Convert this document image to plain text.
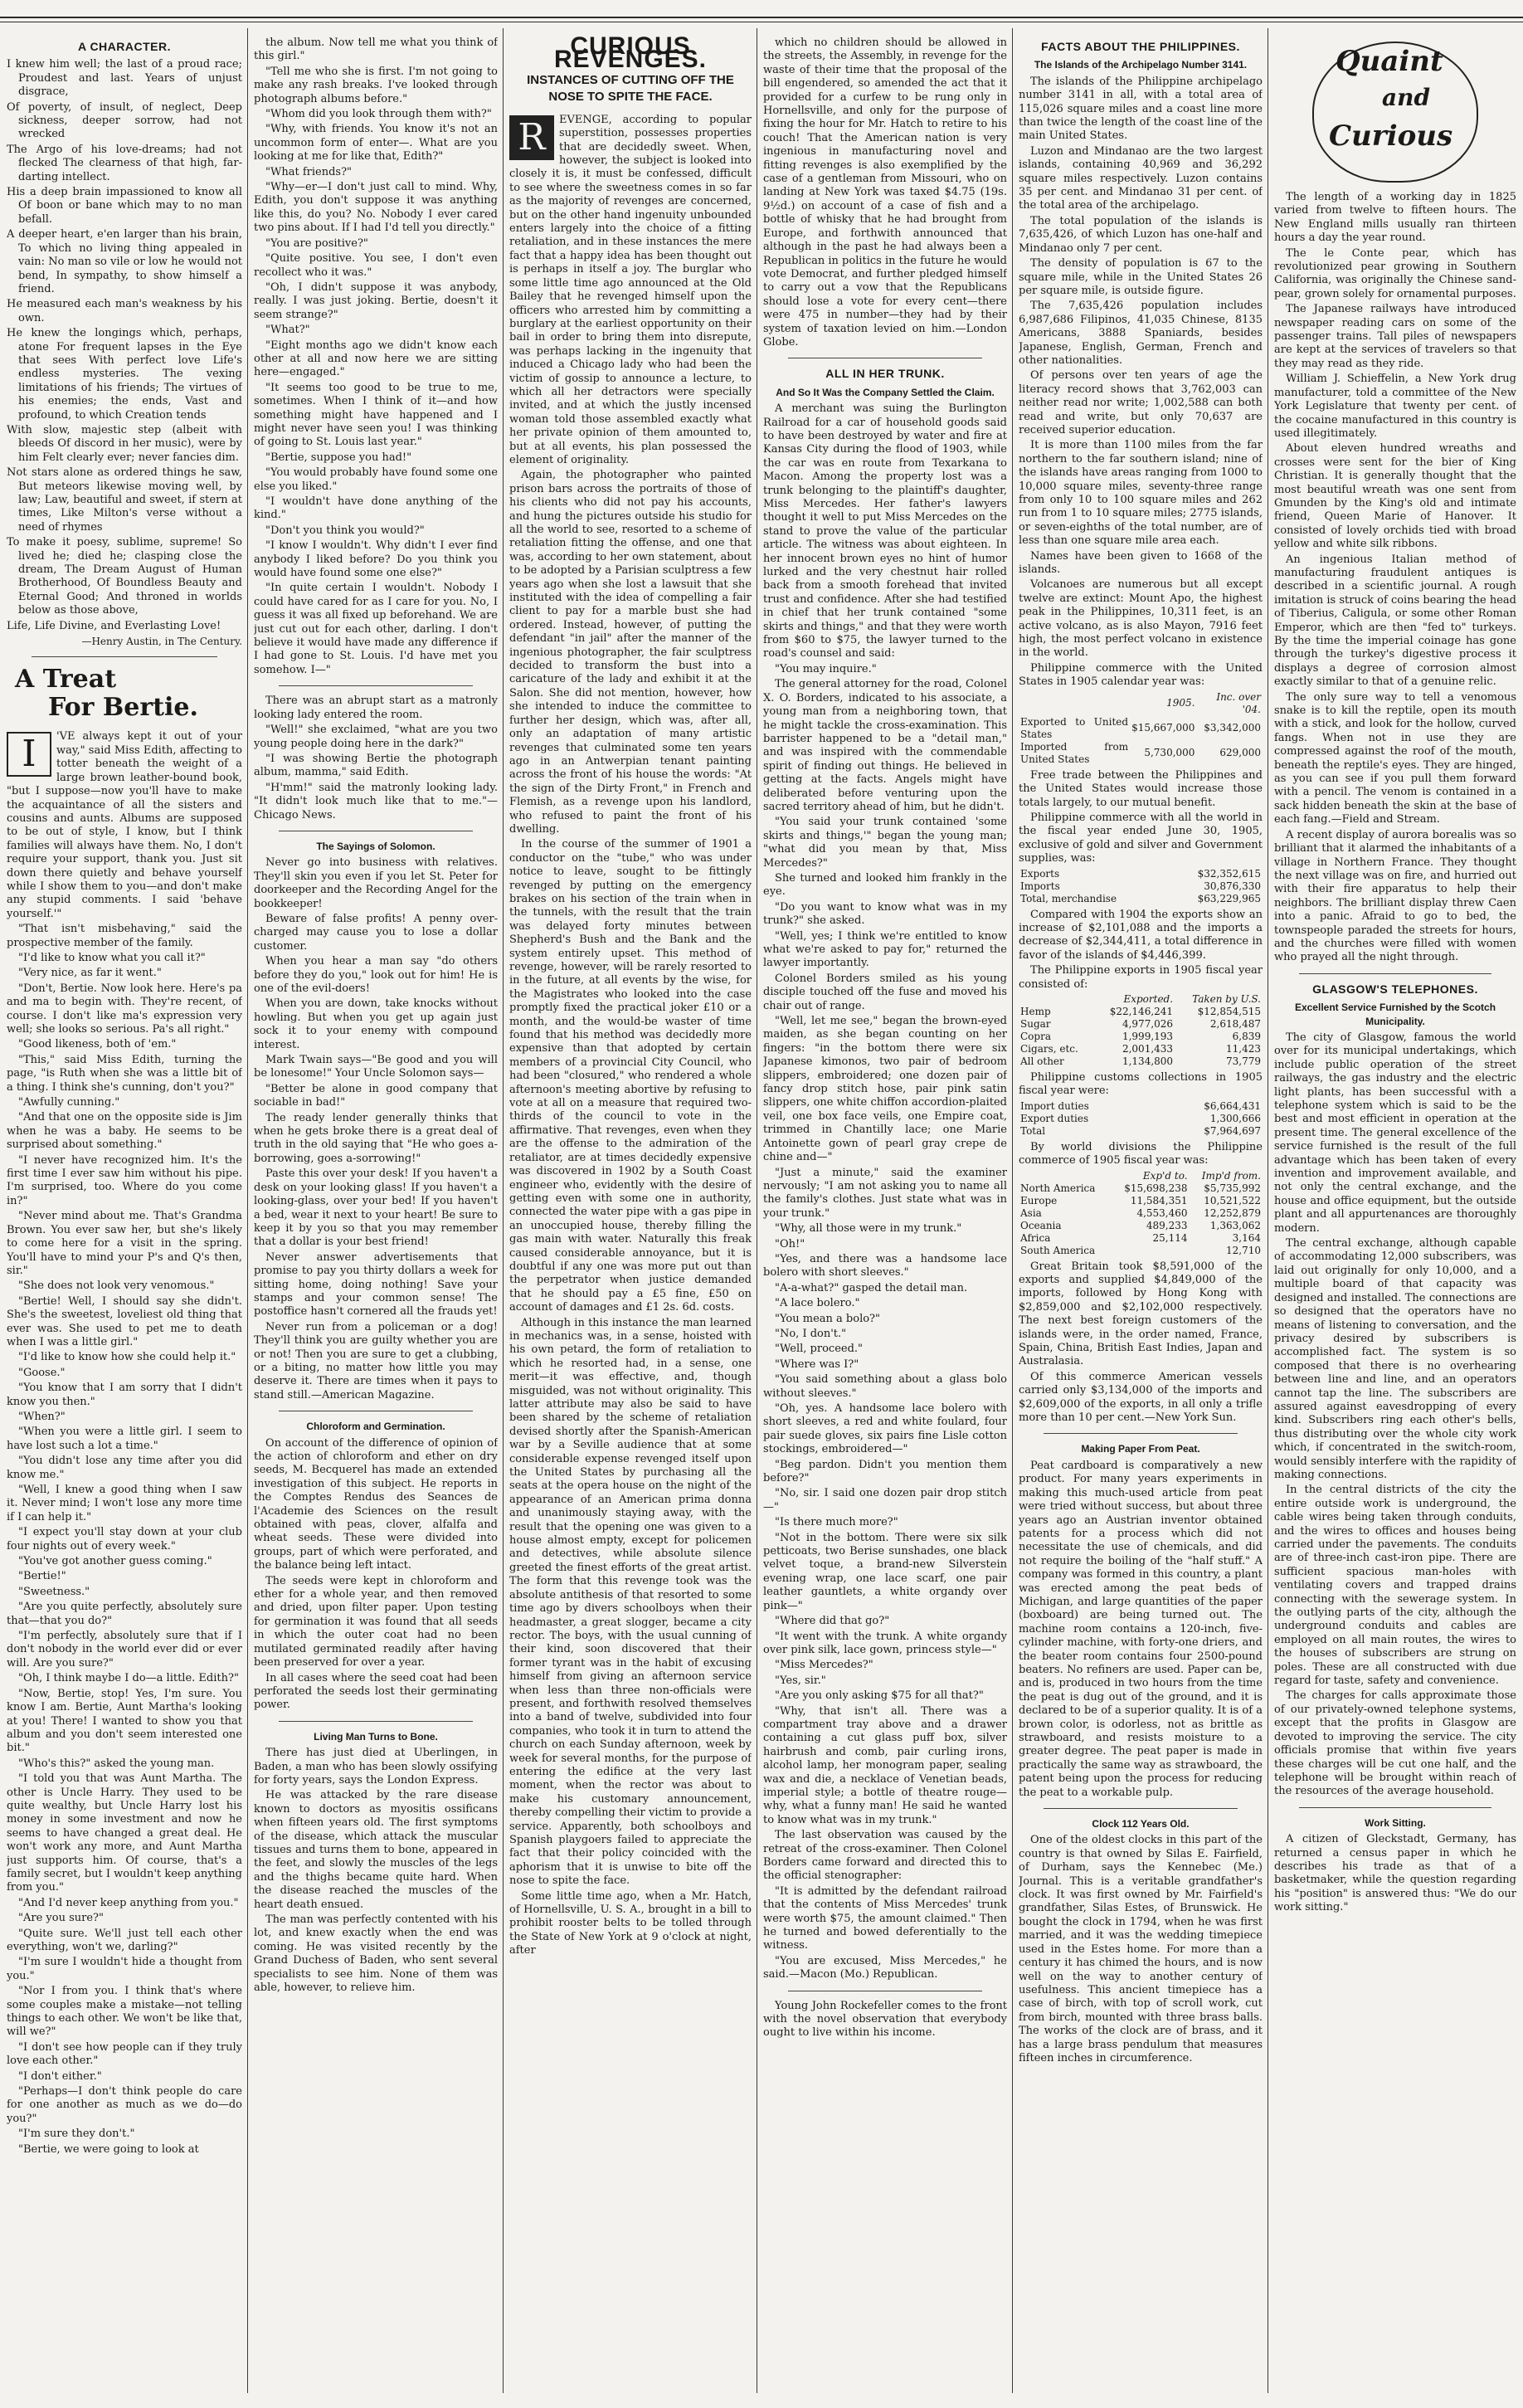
A CHARACTER.

I knew him well; the last of a proud race; Proudest and last. Years of unjust disgrace,

Of poverty, of insult, of neglect, Deep sickness, deeper sorrow, had not wrecked

The Argo of his love-dreams; had not flecked The clearness of that high, far-darting intellect.

His a deep brain impassioned to know all Of boon or bane which may to no man befall.

A deeper heart, e'en larger than his brain, To which no living thing appealed in vain: No man so vile or low he would not bend, In sympathy, to show himself a friend.

He measured each man's weakness by his own.

He knew the longings which, perhaps, atone For frequent lapses in the Eye that sees With perfect love Life's endless mysteries. The vexing limitations of his friends; The virtues of his enemies; the ends, Vast and profound, to which Creation tends

With slow, majestic step (albeit with bleeds Of discord in her music), were by him Felt clearly ever; never fancies dim.

Not stars alone as ordered things he saw, But meteors likewise moving well, by law; Law, beautiful and sweet, if stern at times, Like Milton's verse without a need of rhymes

To make it poesy, sublime, supreme! So lived he; died he; clasping close the dream, The Dream August of Human Brotherhood, Of Boundless Beauty and Eternal Good; And throned in worlds below as those above,

Life, Life Divine, and Everlasting Love!

—Henry Austin, in The Century.
A Treat
For Bertie.
I	'VE always kept it out of your way," said Miss Edith, affecting to totter beneath the weight of a large brown leather-bound book, "but I suppose—now you'll have to make the acquaintance of all the sisters and cousins and aunts. Albums are supposed to be out of style, I know, but I think families will always have them. No, I don't require your support, thank you. Just sit down there quietly and behave yourself while I show them to you—and don't make any stupid comments. I said 'behave yourself.'"

"That isn't misbehaving," said the prospective member of the family.

"I'd like to know what you call it?"

"Very nice, as far it went."

"Don't, Bertie. Now look here. Here's pa and ma to begin with. They're recent, of course. I don't like ma's expression very well; she looks so serious. Pa's all right."

"Good likeness, both of 'em."

"This," said Miss Edith, turning the page, "is Ruth when she was a little bit of a thing. I think she's cunning, don't you?"

"Awfully cunning."

"And that one on the opposite side is Jim when he was a baby. He seems to be surprised about something."

"I never have recognized him. It's the first time I ever saw him without his pipe. I'm surprised, too. Where do you come in?"

"Never mind about me. That's Grandma Brown. You ever saw her, but she's likely to come here for a visit in the spring. You'll have to mind your P's and Q's then, sir."

"She does not look very venomous."

"Bertie! Well, I should say she didn't. She's the sweetest, loveliest old thing that ever was. She used to pet me to death when I was a little girl."

"I'd like to know how she could help it."

"Goose."

"You know that I am sorry that I didn't know you then."

"When?"

"When you were a little girl. I seem to have lost such a lot a time."

"You didn't lose any time after you did know me."

"Well, I knew a good thing when I saw it. Never mind; I won't lose any more time if I can help it."

"I expect you'll stay down at your club four nights out of every week."

"You've got another guess coming."

"Bertie!"

"Sweetness."

"Are you quite perfectly, absolutely sure that—that you do?"

"I'm perfectly, absolutely sure that if I don't nobody in the world ever did or ever will. Are you sure?"

"Oh, I think maybe I do—a little. Edith?"

"Now, Bertie, stop! Yes, I'm sure. You know I am. Bertie, Aunt Martha's looking at you! There! I wanted to show you that album and you don't seem interested one bit."

"Who's this?" asked the young man.

"I told you that was Aunt Martha. The other is Uncle Harry. They used to be quite wealthy, but Uncle Harry lost his money in some investment and now he seems to have changed a great deal. He won't work any more, and Aunt Martha just supports him. Of course, that's a family secret, but I wouldn't keep anything from you."

"And I'd never keep anything from you."

"Are you sure?"

"Quite sure. We'll just tell each other everything, won't we, darling?"

"I'm sure I wouldn't hide a thought from you."

"Nor I from you. I think that's where some couples make a mistake—not telling things to each other. We won't be like that, will we?"

"I don't see how people can if they truly love each other."

"I don't either."

"Perhaps—I don't think people do care for one another as much as we do—do you?"

"I'm sure they don't."

"Bertie, we were going to look at

the album. Now tell me what you think of this girl."

"Tell me who she is first. I'm not going to make any rash breaks. I've looked through photograph albums before."

"Whom did you look through them with?"

"Why, with friends. You know it's not an uncommon form of enter—. What are you looking at me for like that, Edith?"

"What friends?"

"Why—er—I don't just call to mind. Why, Edith, you don't suppose it was anything like this, do you? No. Nobody I ever cared two pins about. If I had I'd tell you directly."

"You are positive?"

"Quite positive. You see, I don't even recollect who it was."

"Oh, I didn't suppose it was anybody, really. I was just joking. Bertie, doesn't it seem strange?"

"What?"

"Eight months ago we didn't know each other at all and now here we are sitting here—engaged."

"It seems too good to be true to me, sometimes. When I think of it—and how something might have happened and I might never have seen you! I was thinking of going to St. Louis last year."

"Bertie, suppose you had!"

"You would probably have found some one else you liked."

"I wouldn't have done anything of the kind."

"Don't you think you would?"

"I know I wouldn't. Why didn't I ever find anybody I liked before? Do you think you would have found some one else?"

"In quite certain I wouldn't. Nobody I could have cared for as I care for you. No, I guess it was all fixed up beforehand. We are just cut out for each other, darling. I don't believe it would have made any difference if I had gone to St. Louis. I'd have met you somehow. I—"

There was an abrupt start as a matronly looking lady entered the room.

"Well!" she exclaimed, "what are you two young people doing here in the dark?"

"I was showing Bertie the photograph album, mamma," said Edith.

"H'mm!" said the matronly looking lady. "It didn't look much like that to me."—Chicago News.

The Sayings of Solomon.

Never go into business with relatives. They'll skin you even if you let St. Peter for doorkeeper and the Recording Angel for the bookkeeper!

Beware of false profits! A penny over-charged may cause you to lose a dollar customer.

When you hear a man say "do others before they do you," look out for him! He is one of the evil-doers!

When you are down, take knocks without howling. But when you get up again just sock it to your enemy with compound interest.

Mark Twain says—"Be good and you will be lonesome!" Your Uncle Solomon says—

"Better be alone in good company that sociable in bad!"

The ready lender generally thinks that when he gets broke there is a great deal of truth in the old saying that "He who goes a-borrowing, goes a-sorrowing!"

Paste this over your desk! If you haven't a desk on your looking glass! If you haven't a looking-glass, over your bed! If you haven't a bed, wear it next to your heart! Be sure to keep it by you so that you may remember that a dollar is your best friend!

Never answer advertisements that promise to pay you thirty dollars a week for sitting home, doing nothing! Save your stamps and your common sense! The postoffice hasn't cornered all the frauds yet!

Never run from a policeman or a dog! They'll think you are guilty whether you are or not! Then you are sure to get a clubbing, or a biting, no matter how little you may deserve it. There are times when it pays to stand still.—American Magazine.

Chloroform and Germination.

On account of the difference of opinion of the action of chloroform and ether on dry seeds, M. Becquerel has made an extended investigation of this subject. He reports in the Comptes Rendus des Seances de l'Academie des Sciences on the result obtained with peas, clover, alfalfa and wheat seeds. These were divided into groups, part of which were perforated, and the balance being left intact.

The seeds were kept in chloroform and ether for a whole year, and then removed and dried, upon filter paper. Upon testing for germination it was found that all seeds in which the outer coat had no been mutilated germinated readily after having been preserved for over a year.

In all cases where the seed coat had been perforated the seeds lost their germinating power.

Living Man Turns to Bone.

There has just died at Uberlingen, in Baden, a man who has been slowly ossifying for forty years, says the London Express.

He was attacked by the rare disease known to doctors as myositis ossificans when fifteen years old. The first symptoms of the disease, which attack the muscular tissues and turns them to bone, appeared in the feet, and slowly the muscles of the legs and the thighs became quite hard. When the disease reached the muscles of the heart death ensued.

The man was perfectly contented with his lot, and knew exactly when the end was coming. He was visited recently by the Grand Duchess of Baden, who sent several specialists to see him. None of them was able, however, to relieve him.

CURIOUS REVENGES.
INSTANCES OF CUTTING OFF THE NOSE TO SPITE THE FACE.
R	EVENGE, according to popular superstition, possesses properties that are decidedly sweet. When, however, the subject is looked into closely it is, it must be confessed, difficult to see where the sweetness comes in so far as the majority of revenges are concerned, but on the other hand ingenuity unbounded enters largely into the choice of a fitting retaliation, and in these instances the mere fact that a happy idea has been thought out is perhaps in itself a joy. The burglar who some little time ago announced at the Old Bailey that he revenged himself upon the officers who arrested him by committing a burglary at the earliest opportunity on their bail in order to bring them into disrepute, was perhaps lacking in the ingenuity that induced a Chicago lady who had been the victim of gossip to announce a lecture, to which all her detractors were specially invited, and at which the justly incensed woman told those assembled exactly what her private opinion of them amounted to, but at all events, his plan possessed the element of originality.

Again, the photographer who painted prison bars across the portraits of those of his clients who did not pay his accounts, and hung the pictures outside his studio for all the world to see, resorted to a scheme of retaliation fitting the offense, and one that was, according to her own statement, about to be adopted by a Parisian sculptress a few years ago when she lost a lawsuit that she instituted with the idea of compelling a fair client to pay for a marble bust she had ordered. Instead, however, of putting the defendant "in jail" after the manner of the ingenious photographer, the fair sculptress decided to transform the bust into a caricature of the lady and exhibit it at the Salon. She did not mention, however, how she intended to induce the committee to further her design, which was, after all, only an adaptation of many artistic revenges that culminated some ten years ago in an Antwerpian tenant painting across the front of his house the words: "At the sign of the Dirty Front," in French and Flemish, as a revenge upon his landlord, who refused to paint the front of his dwelling.

In the course of the summer of 1901 a conductor on the "tube," who was under notice to leave, sought to be fittingly revenged by putting on the emergency brakes on his section of the train when in the tunnels, with the result that the train was delayed forty minutes between Shepherd's Bush and the Bank and the system entirely upset. This method of revenge, however, will be rarely resorted to in the future, at all events by the wise, for the Magistrates who looked into the case promptly fixed the practical joker £10 or a month, and the would-be waster of time found that his method was decidedly more expensive than that adopted by certain members of a provincial City Council, who had been "closured," who rendered a whole afternoon's meeting abortive by refusing to vote at all on a measure that required two-thirds of the council to vote in the affirmative. That revenges, even when they are the offense to the admiration of the retaliator, are at times decidedly expensive was discovered in 1902 by a South Coast engineer who, evidently with the desire of getting even with some one in authority, connected the water pipe with a gas pipe in an unoccupied house, thereby filling the gas main with water. Naturally this freak caused considerable annoyance, but it is doubtful if any one was more put out than the perpetrator when justice demanded that he should pay a £5 fine, £50 on account of damages and £1 2s. 6d. costs.

Although in this instance the man learned in mechanics was, in a sense, hoisted with his own petard, the form of retaliation to which he resorted had, in a sense, one merit—it was effective, and, though misguided, was not without originality. This latter attribute may also be said to have been shared by the scheme of retaliation devised shortly after the Spanish-American war by a Seville audience that at some considerable expense revenged itself upon the United States by purchasing all the seats at the opera house on the night of the appearance of an American prima donna and unanimously staying away, with the result that the opening one was given to a house almost empty, except for policemen and detectives, while absolute silence greeted the finest efforts of the great artist. The form that this revenge took was the absolute antithesis of that resorted to some time ago by divers schoolboys when their headmaster, a great slogger, became a city rector. The boys, with the usual cunning of their kind, soon discovered that their former tyrant was in the habit of excusing himself from giving an afternoon service when less than three non-officials were present, and forthwith resolved themselves into a band of twelve, subdivided into four companies, who took it in turn to attend the church on each Sunday afternoon, week by week for several months, for the purpose of entering the edifice at the very last moment, when the rector was about to make his customary announcement, thereby compelling their victim to provide a service. Apparently, both schoolboys and Spanish playgoers failed to appreciate the fact that their policy coincided with the aphorism that it is unwise to bite off the nose to spite the face.

Some little time ago, when a Mr. Hatch, of Hornellsville, U. S. A., brought in a bill to prohibit rooster belts to be tolled through the State of New York at 9 o'clock at night, after

which no children should be allowed in the streets, the Assembly, in revenge for the waste of their time that the proposal of the bill engendered, so amended the act that it provided for a curfew to be rung only in Hornellsville, and only for the purpose of fixing the hour for Mr. Hatch to retire to his couch! That the American nation is very ingenious in manufacturing novel and fitting revenges is also exemplified by the case of a gentleman from Missouri, who on landing at New York was taxed $4.75 (19s. 9½d.) on account of a case of fish and a bottle of whisky that he had brought from Europe, and forthwith announced that although in the past he had always been a Republican in politics in the future he would vote Democrat, and further pledged himself to carry out a vow that the Republicans should lose a vote for every cent—there were 475 in number—they had by their system of taxation levied on him.—London Globe.

ALL IN HER TRUNK.
And So It Was the Company Settled the Claim.

A merchant was suing the Burlington Railroad for a car of household goods said to have been destroyed by water and fire at Kansas City during the flood of 1903, while the car was en route from Texarkana to Macon. Among the property lost was a trunk belonging to the plaintiff's daughter, Miss Mercedes. Her father's lawyers thought it well to put Miss Mercedes on the stand to prove the value of the particular article. The witness was about eighteen. In her innocent brown eyes no hint of humor lurked and the very chestnut hair rolled back from a smooth forehead that invited trust and confidence. After she had testified in chief that her trunk contained "some skirts and things," and that they were worth from $60 to $75, the lawyer turned to the road's counsel and said:

"You may inquire."

The general attorney for the road, Colonel X. O. Borders, indicated to his associate, a young man from a neighboring town, that he might tackle the cross-examination. This barrister happened to be a "detail man," and was inspired with the commendable spirit of finding out things. He believed in getting at the facts. Angels might have deliberated before venturing upon the sacred territory ahead of him, but he didn't.

"You said your trunk contained 'some skirts and things,'" began the young man; "what did you mean by that, Miss Mercedes?"

She turned and looked him frankly in the eye.

"Do you want to know what was in my trunk?" she asked.

"Well, yes; I think we're entitled to know what we're asked to pay for," returned the lawyer importantly.

Colonel Borders smiled as his young disciple touched off the fuse and moved his chair out of range.

"Well, let me see," began the brown-eyed maiden, as she began counting on her fingers: "in the bottom there were six Japanese kimonos, two pair of bedroom slippers, embroidered; one dozen pair of fancy drop stitch hose, pair pink satin slippers, one white chiffon accordion-plaited veil, one box face veils, one Empire coat, trimmed in Chantilly lace; one Marie Antoinette gown of pearl gray crepe de chine and—"

"Just a minute," said the examiner nervously; "I am not asking you to name all the family's clothes. Just state what was in your trunk."

"Why, all those were in my trunk."

"Oh!"

"Yes, and there was a handsome lace bolero with short sleeves."

"A-a-what?" gasped the detail man.

"A lace bolero."

"You mean a bolo?"

"No, I don't."

"Well, proceed."

"Where was I?"

"You said something about a glass bolo without sleeves."

"Oh, yes. A handsome lace bolero with short sleeves, a red and white foulard, four pair suede gloves, six pairs fine Lisle cotton stockings, embroidered—"

"Beg pardon. Didn't you mention them before?"

"No, sir. I said one dozen pair drop stitch—"

"Is there much more?"

"Not in the bottom. There were six silk petticoats, two Berise sunshades, one black velvet toque, a brand-new Silverstein evening wrap, one lace scarf, one pair leather gauntlets, a white organdy over pink—"

"Where did that go?"

"It went with the trunk. A white organdy over pink silk, lace gown, princess style—"

"Miss Mercedes?"

"Yes, sir."

"Are you only asking $75 for all that?"

"Why, that isn't all. There was a compartment tray above and a drawer containing a cut glass puff box, silver hairbrush and comb, pair curling irons, alcohol lamp, her monogram paper, sealing wax and die, a necklace of Venetian beads, imperial style; a bottle of theatre rouge—why, what a funny man! He said he wanted to know what was in my trunk."

The last observation was caused by the retreat of the cross-examiner. Then Colonel Borders came forward and directed this to the official stenographer:

"It is admitted by the defendant railroad that the contents of Miss Mercedes' trunk were worth $75, the amount claimed." Then he turned and bowed deferentially to the witness.

"You are excused, Miss Mercedes," he said.—Macon (Mo.) Republican.

Young John Rockefeller comes to the front with the novel observation that everybody ought to live within his income.

FACTS ABOUT THE PHILIPPINES.
The Islands of the Archipelago Number 3141.

The islands of the Philippine archipelago number 3141 in all, with a total area of 115,026 square miles and a coast line more than twice the length of the coast line of the main United States.

Luzon and Mindanao are the two largest islands, containing 40,969 and 36,292 square miles respectively. Luzon contains 35 per cent. and Mindanao 31 per cent. of the total area of the archipelago.

The total population of the islands is 7,635,426, of which Luzon has one-half and Mindanao only 7 per cent.

The density of population is 67 to the square mile, while in the United States 26 per square mile, is outside figure.

The 7,635,426 population includes 6,987,686 Filipinos, 41,035 Chinese, 8135 Americans, 3888 Spaniards, besides Japanese, English, German, French and other nationalities.

Of persons over ten years of age the literacy record shows that 3,762,003 can neither read nor write; 1,002,588 can both read and write, but only 70,637 are received superior education.

It is more than 1100 miles from the far northern to the far southern island; nine of the islands have areas ranging from 1000 to 10,000 square miles, seventy-three range from only 10 to 100 square miles and 262 run from 1 to 10 square miles; 2775 islands, or seven-eighths of the total number, are of less than one square mile area each.

Names have been given to 1668 of the islands.

Volcanoes are numerous but all except twelve are extinct: Mount Apo, the highest peak in the Philippines, 10,311 feet, is an active volcano, as is also Mayon, 7916 feet high, the most perfect volcano in existence in the world.

Philippine commerce with the United States in 1905 calendar year was:

	1905.	Inc. over '04.
Exported to United States	$15,667,000	$3,342,000
Imported from United States	5,730,000	629,000

Free trade between the Philippines and the United States would increase those totals largely, to our mutual benefit.

Philippine commerce with all the world in the fiscal year ended June 30, 1905, exclusive of gold and silver and Government supplies, was:

Exports	$32,352,615
Imports	30,876,330
Total, merchandise	$63,229,965

Compared with 1904 the exports show an increase of $2,101,088 and the imports a decrease of $2,344,411, a total difference in favor of the islands of $4,446,399.

The Philippine exports in 1905 fiscal year consisted of:

	Exported.	Taken by U.S.
Hemp	$22,146,241	$12,854,515
Sugar	4,977,026	2,618,487
Copra	1,999,193	6,839
Cigars, etc.	2,001,433	11,423
All other	1,134,800	73,779

Philippine customs collections in 1905 fiscal year were:

Import duties	$6,664,431
Export duties	1,300,666
Total	$7,964,697

By world divisions the Philippine commerce of 1905 fiscal year was:

	Exp'd to.	Imp'd from.
North America	$15,698,238	$5,735,992
Europe	11,584,351	10,521,522
Asia	4,553,460	12,252,879
Oceania	489,233	1,363,062
Africa	25,114	3,164
South America		12,710

Great Britain took $8,591,000 of the exports and supplied $4,849,000 of the imports, followed by Hong Kong with $2,859,000 and $2,102,000 respectively. The next best foreign customers of the islands were, in the order named, France, Spain, China, British East Indies, Japan and Australasia.

Of this commerce American vessels carried only $3,134,000 of the imports and $2,609,000 of the exports, in all only a trifle more than 10 per cent.—New York Sun.

Making Paper From Peat.

Peat cardboard is comparatively a new product. For many years experiments in making this much-used article from peat were tried without success, but about three years ago an Austrian inventor obtained patents for a process which did not necessitate the use of chemicals, and did not require the boiling of the "half stuff." A company was formed in this country, a plant was erected among the peat beds of Michigan, and large quantities of the paper (boxboard) are being turned out. The machine room contains a 120-inch, five-cylinder machine, with forty-one driers, and the beater room contains four 2500-pound beaters. No refiners are used. Paper can be, and is, produced in two hours from the time the peat is dug out of the ground, and it is declared to be of a superior quality. It is of a brown color, is odorless, not as brittle as strawboard, and resists moisture to a greater degree. The peat paper is made in practically the same way as strawboard, the patent being upon the process for reducing the peat to a workable pulp.

Clock 112 Years Old.

One of the oldest clocks in this part of the country is that owned by Silas E. Fairfield, of Durham, says the Kennebec (Me.) Journal. This is a veritable grandfather's clock. It was first owned by Mr. Fairfield's grandfather, Silas Estes, of Brunswick. He bought the clock in 1794, when he was first married, and it was the wedding timepiece used in the Estes home. For more than a century it has chimed the hours, and is now well on the way to another century of usefulness. This ancient timepiece has a case of birch, with top of scroll work, cut from birch, mounted with three brass balls. The works of the clock are of brass, and it has a large brass pendulum that measures fifteen inches in circumference.

Quaint
and
Curious

The length of a working day in 1825 varied from twelve to fifteen hours. The New England mills usually ran thirteen hours a day the year round.

The le Conte pear, which has revolutionized pear growing in Southern California, was originally the Chinese sand-pear, grown solely for ornamental purposes.

The Japanese railways have introduced newspaper reading cars on some of the passenger trains. Tall piles of newspapers are kept at the services of travelers so that they may read as they ride.

William J. Schieffelin, a New York drug manufacturer, told a committee of the New York Legislature that twenty per cent. of the cocaine manufactured in this country is used illegitimately.

About eleven hundred wreaths and crosses were sent for the bier of King Christian. It is generally thought that the most beautiful wreath was one sent from Gmunden by the King's old and intimate friend, Queen Marie of Hanover. It consisted of lovely orchids tied with broad yellow and white silk ribbons.

An ingenious Italian method of manufacturing fraudulent antiques is described in a scientific journal. A rough imitation is struck of coins bearing the head of Tiberius, Caligula, or some other Roman Emperor, which are then "fed to" turkeys. By the time the imperial coinage has gone through the turkey's digestive process it displays a degree of corrosion almost exactly similar to that of a genuine relic.

The only sure way to tell a venomous snake is to kill the reptile, open its mouth with a stick, and look for the hollow, curved fangs. When not in use they are compressed against the roof of the mouth, beneath the reptile's eyes. They are hinged, as you can see if you pull them forward with a pencil. The venom is contained in a sack hidden beneath the skin at the base of each fang.—Field and Stream.

A recent display of aurora borealis was so brilliant that it alarmed the inhabitants of a village in Northern France. They thought the next village was on fire, and hurried out with their fire apparatus to help their neighbors. The brilliant display threw Caen into a panic. Afraid to go to bed, the townspeople paraded the streets for hours, and the churches were filled with women who prayed all the night through.

GLASGOW'S TELEPHONES.
Excellent Service Furnished by the Scotch Municipality.

The city of Glasgow, famous the world over for its municipal undertakings, which include public operation of the street railways, the gas industry and the electric light plants, has been successful with a telephone system which is said to be the best and most efficient in operation at the present time. The general excellence of the service furnished is the result of the full advantage which has been taken of every invention and improvement available, and not only the central exchange, and the house and office equipment, but the outside plant and all appurtenances are thoroughly modern.

The central exchange, although capable of accommodating 12,000 subscribers, was laid out originally for only 10,000, and a multiple board of that capacity was designed and installed. The connections are so designed that the operators have no means of listening to conversation, and the privacy desired by subscribers is accomplished fact. The system is so composed that there is no overhearing between line and line, and an operators cannot tap the line. The subscribers are assured against eavesdropping of every kind. Subscribers ring each other's bells, thus distributing over the whole city work which, if concentrated in the switch-room, would sensibly interfere with the rapidity of making connections.

In the central districts of the city the entire outside work is underground, the cable wires being taken through conduits, and the wires to offices and houses being carried under the pavements. The conduits are of three-inch cast-iron pipe. There are sufficient spacious man-holes with ventilating covers and trapped drains connecting with the sewerage system. In the outlying parts of the city, although the underground conduits and cables are employed on all main routes, the wires to the houses of subscribers are strung on poles. These are all constructed with due regard for taste, safety and convenience.

The charges for calls approximate those of our privately-owned telephone systems, except that the profits in Glasgow are devoted to improving the service. The city officials promise that within five years these charges will be cut one half, and the telephone will be brought within reach of the resources of the average household.

Work Sitting.

A citizen of Gleckstadt, Germany, has returned a census paper in which he describes his trade as that of a basketmaker, while the question regarding his "position" is answered thus: "We do our work sitting."
